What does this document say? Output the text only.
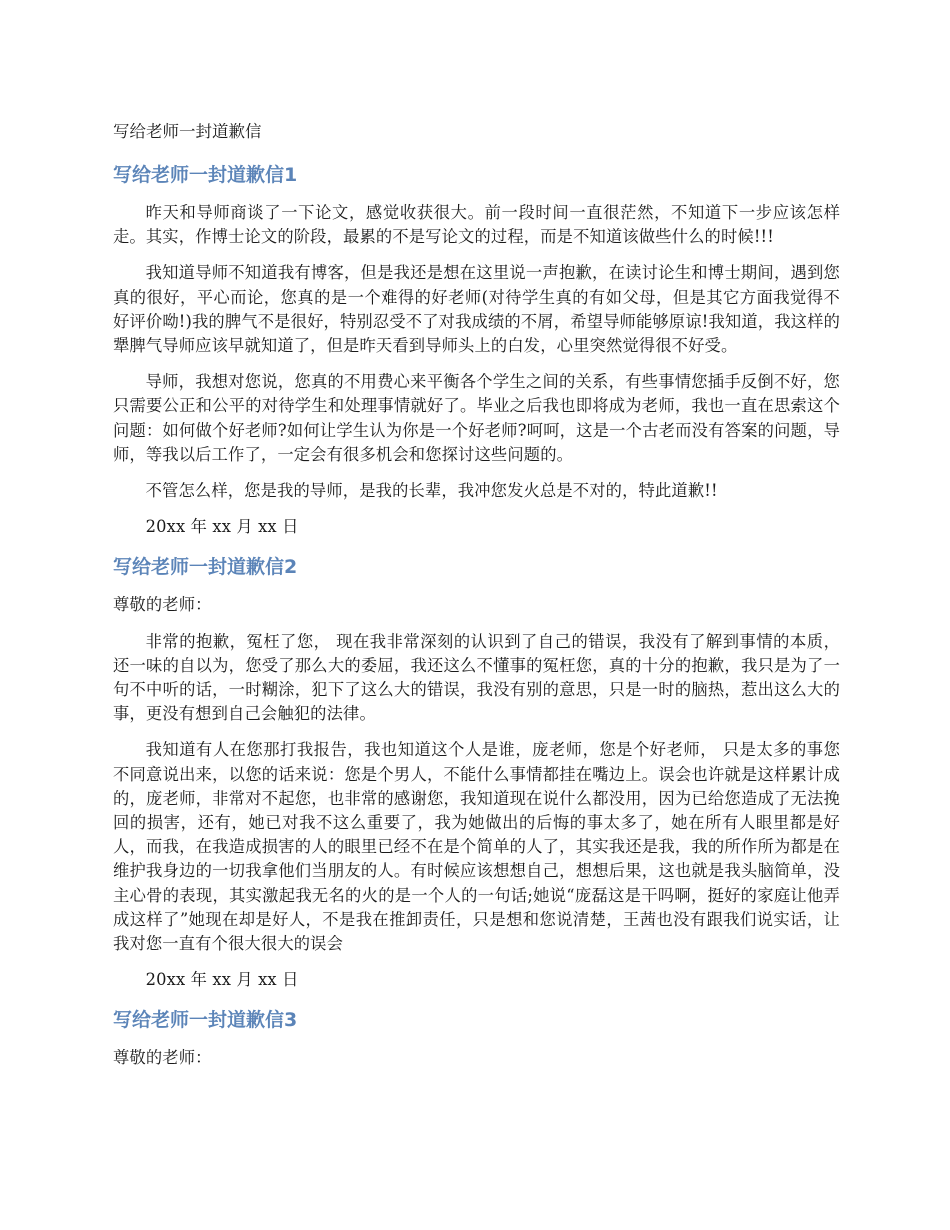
写给老师一封道歉信
写给老师一封道歉信1

昨天和导师商谈了一下论文，感觉收获很大。前一段时间一直很茫然，不知道下一步应该怎样走。其实，作博士论文的阶段，最累的不是写论文的过程，而是不知道该做些什么的时候!!!

我知道导师不知道我有博客，但是我还是想在这里说一声抱歉，在读讨论生和博士期间，遇到您真的很好，平心而论，您真的是一个难得的好老师(对待学生真的有如父母，但是其它方面我觉得不好评价呦!)我的脾气不是很好，特别忍受不了对我成绩的不屑，希望导师能够原谅!我知道，我这样的犟脾气导师应该早就知道了，但是昨天看到导师头上的白发，心里突然觉得很不好受。

导师，我想对您说，您真的不用费心来平衡各个学生之间的关系，有些事情您插手反倒不好，您只需要公正和公平的对待学生和处理事情就好了。毕业之后我也即将成为老师，我也一直在思索这个问题：如何做个好老师?如何让学生认为你是一个好老师?呵呵，这是一个古老而没有答案的问题，导师，等我以后工作了，一定会有很多机会和您探讨这些问题的。

不管怎么样，您是我的导师，是我的长辈，我冲您发火总是不对的，特此道歉!!

20xx 年 xx 月 xx 日

写给老师一封道歉信2

尊敬的老师：

非常的抱歉，冤枉了您， 现在我非常深刻的认识到了自己的错误，我没有了解到事情的本质，还一味的自以为，您受了那么大的委屈，我还这么不懂事的冤枉您，真的十分的抱歉，我只是为了一句不中听的话，一时糊涂，犯下了这么大的错误，我没有别的意思，只是一时的脑热，惹出这么大的事，更没有想到自己会触犯的法律。

我知道有人在您那打我报告，我也知道这个人是谁，庞老师，您是个好老师， 只是太多的事您不同意说出来，以您的话来说：您是个男人，不能什么事情都挂在嘴边上。误会也许就是这样累计成的，庞老师，非常对不起您，也非常的感谢您，我知道现在说什么都没用，因为已给您造成了无法挽回的损害，还有，她已对我不这么重要了，我为她做出的后悔的事太多了，她在所有人眼里都是好人，而我，在我造成损害的人的眼里已经不在是个简单的人了，其实我还是我，我的所作所为都是在维护我身边的一切我拿他们当朋友的人。有时候应该想想自己，想想后果，这也就是我头脑简单，没主心骨的表现，其实激起我无名的火的是一个人的一句话;她说“庞磊这是干吗啊，挺好的家庭让他弄成这样了”她现在却是好人，不是我在推卸责任，只是想和您说清楚，王茜也没有跟我们说实话，让我对您一直有个很大很大的误会

20xx 年 xx 月 xx 日

写给老师一封道歉信3

尊敬的老师：
